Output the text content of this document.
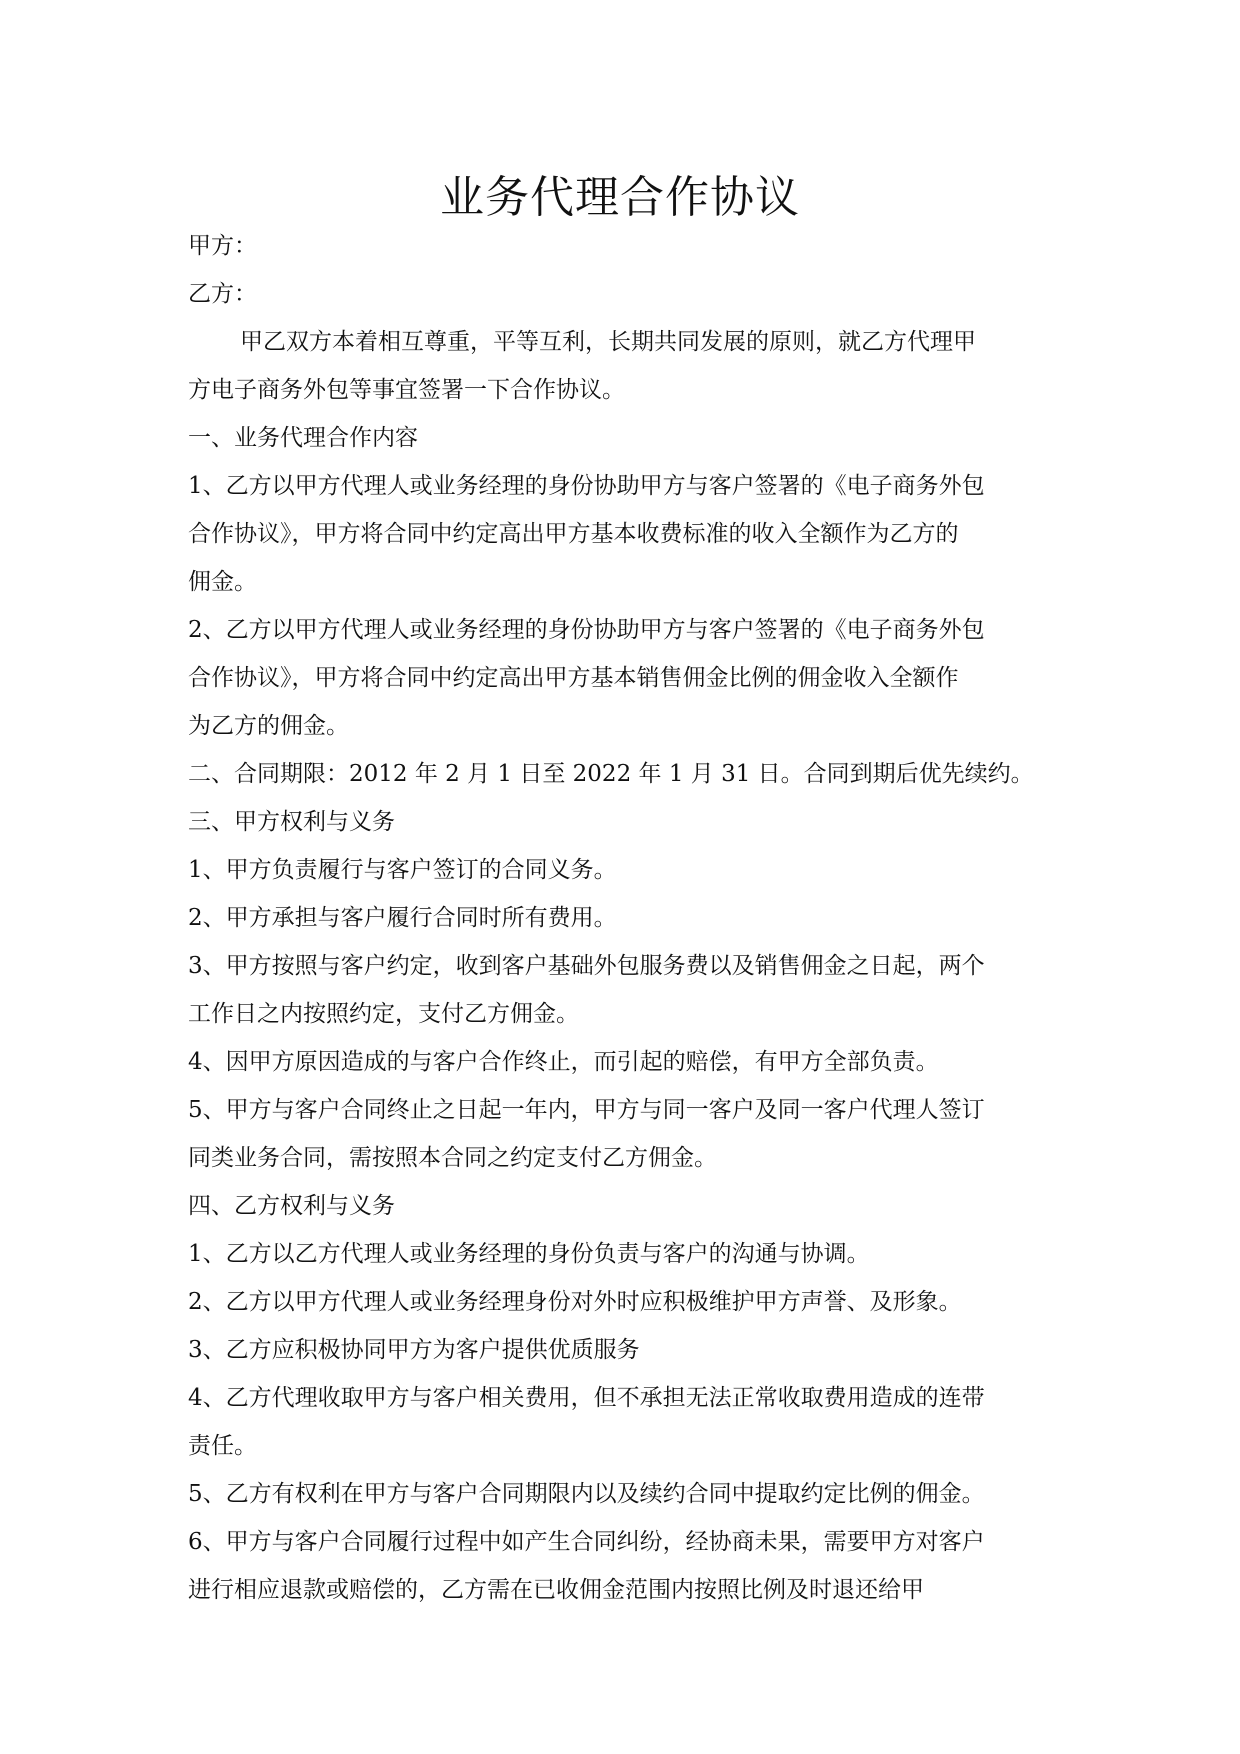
业务代理合作协议
甲方：
乙方：
甲乙双方本着相互尊重，平等互利，长期共同发展的原则，就乙方代理甲
方电子商务外包等事宜签署一下合作协议。
一、业务代理合作内容
1、乙方以甲方代理人或业务经理的身份协助甲方与客户签署的《电子商务外包
合作协议》，甲方将合同中约定高出甲方基本收费标准的收入全额作为乙方的
佣金。
2、乙方以甲方代理人或业务经理的身份协助甲方与客户签署的《电子商务外包
合作协议》，甲方将合同中约定高出甲方基本销售佣金比例的佣金收入全额作
为乙方的佣金。
二、合同期限：2012 年 2 月 1 日至 2022 年 1 月 31 日。合同到期后优先续约。
三、甲方权利与义务
1、甲方负责履行与客户签订的合同义务。
2、甲方承担与客户履行合同时所有费用。
3、甲方按照与客户约定，收到客户基础外包服务费以及销售佣金之日起，两个
工作日之内按照约定，支付乙方佣金。
4、因甲方原因造成的与客户合作终止，而引起的赔偿，有甲方全部负责。
5、甲方与客户合同终止之日起一年内，甲方与同一客户及同一客户代理人签订
同类业务合同，需按照本合同之约定支付乙方佣金。
四、乙方权利与义务
1、乙方以乙方代理人或业务经理的身份负责与客户的沟通与协调。
2、乙方以甲方代理人或业务经理身份对外时应积极维护甲方声誉、及形象。
3、乙方应积极协同甲方为客户提供优质服务
4、乙方代理收取甲方与客户相关费用，但不承担无法正常收取费用造成的连带
责任。
5、乙方有权利在甲方与客户合同期限内以及续约合同中提取约定比例的佣金。
6、甲方与客户合同履行过程中如产生合同纠纷，经协商未果，需要甲方对客户
进行相应退款或赔偿的，乙方需在已收佣金范围内按照比例及时退还给甲
